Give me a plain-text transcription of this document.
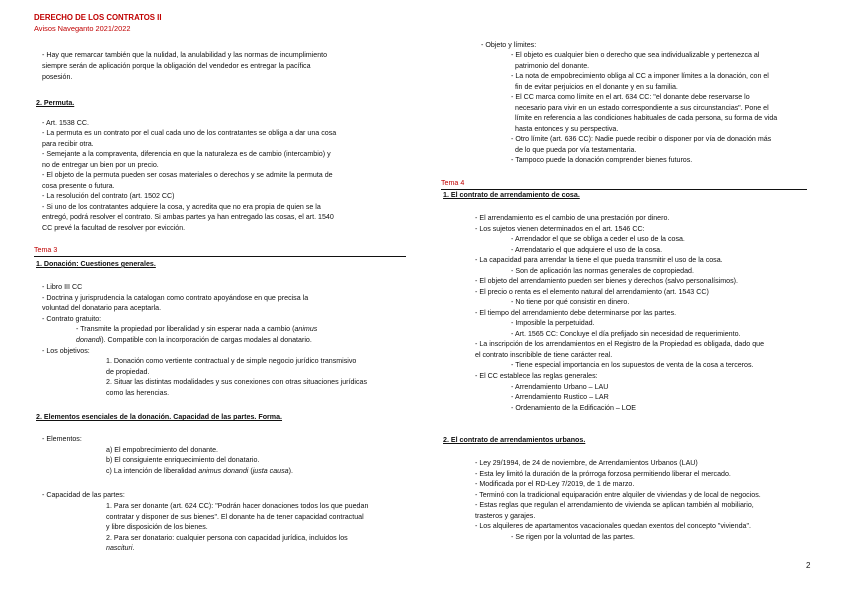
DERECHO DE LOS CONTRATOS II
Avisos Naveganto 2021/2022
- Hay que remarcar también que la nulidad, la anulabilidad y las normas de incumplimiento
siempre serán de aplicación porque la obligación del vendedor es entregar la pacífica
posesión.
2. Permuta.
- Art. 1538 CC.
- La permuta es un contrato por el cual cada uno de los contratantes se obliga a dar una cosa
para recibir otra.
- Semejante a la compraventa, diferencia en que la naturaleza es de cambio (intercambio) y
no de entregar un bien por un precio.
- El objeto de la permuta pueden ser cosas materiales o derechos y se admite la permuta de
cosa presente o futura.
- La resolución del contrato (art. 1502 CC)
- Si uno de los contratantes adquiere la cosa, y acredita que no era propia de quien se la
entregó, podrá resolver el contrato. Si ambas partes ya han entregado las cosas, el art. 1540
CC prevé la facultad de resolver por evicción.
Tema 3
1. Donación: Cuestiones generales.
- Libro III CC
- Doctrina y jurisprudencia la catalogan como contrato apoyándose en que precisa la
voluntad del donatario para aceptarla.
- Contrato gratuito:
- Transmite la propiedad por liberalidad y sin esperar nada a cambio (animus
donandi). Compatible con la incorporación de cargas modales al donatario.
- Los objetivos:
1. Donación como vertiente contractual y de simple negocio jurídico transmisivo
de propiedad.
2. Situar las distintas modalidades y sus conexiones con otras situaciones jurídicas
como las herencias.
2. Elementos esenciales de la donación. Capacidad de las partes. Forma.
- Elementos:
a) El empobrecimiento del donante.
b) El consiguiente enriquecimiento del donatario.
c) La intención de liberalidad animus donandi (justa causa).
- Capacidad de las partes:
1. Para ser donante (art. 624 CC): "Podrán hacer donaciones todos los que puedan
contratar y disponer de sus bienes". El donante ha de tener capacidad contractual
y libre disposición de los bienes.
2. Para ser donatario: cualquier persona con capacidad jurídica, incluidos los
nascituri.
- Objeto y límites:
- El objeto es cualquier bien o derecho que sea individualizable y pertenezca al
patrimonio del donante.
- La nota de empobrecimiento obliga al CC a imponer límites a la donación, con el
fin de evitar perjuicios en el donante y en su familia.
- El CC marca como límite en el art. 634 CC: "el donante debe reservarse lo
necesario para vivir en un estado correspondiente a sus circunstancias". Pone el
límite en referencia a las condiciones habituales de cada persona, su forma de vida
hasta entonces y su perspectiva.
- Otro límite (art. 636 CC): Nadie puede recibir o disponer por vía de donación más
de lo que pueda por vía testamentaria.
- Tampoco puede la donación comprender bienes futuros.
Tema 4
1. El contrato de arrendamiento de cosa.
- El arrendamiento es el cambio de una prestación por dinero.
- Los sujetos vienen determinados en el art. 1546 CC:
- Arrendador el que se obliga a ceder el uso de la cosa.
- Arrendatario el que adquiere el uso de la cosa.
- La capacidad para arrendar la tiene el que pueda transmitir el uso de la cosa.
- Son de aplicación las normas generales de copropiedad.
- El objeto del arrendamiento pueden ser bienes y derechos (salvo personalísimos).
- El precio o renta es el elemento natural del arrendamiento (art. 1543 CC)
- No tiene por qué consistir en dinero.
- El tiempo del arrendamiento debe determinarse por las partes.
- Imposible la perpetuidad.
- Art. 1565 CC: Concluye el día prefijado sin necesidad de requerimiento.
- La inscripción de los arrendamientos en el Registro de la Propiedad es obligada, dado que
el contrato inscribible de tiene carácter real.
- Tiene especial importancia en los supuestos de venta de la cosa a terceros.
- El CC establece las reglas generales:
- Arrendamiento Urbano – LAU
- Arrendamiento Rustico – LAR
- Ordenamiento de la Edificación – LOE
2. El contrato de arrendamientos urbanos.
- Ley 29/1994, de 24 de noviembre, de Arrendamientos Urbanos (LAU)
- Esta ley limitó la duración de la prórroga forzosa permitiendo liberar el mercado.
- Modificada por el RD-Ley 7/2019, de 1 de marzo.
- Terminó con la tradicional equiparación entre alquiler de viviendas y de local de negocios.
- Estas reglas que regulan el arrendamiento de vivienda se aplican también al mobiliario,
trasteros y garajes.
- Los alquileres de apartamentos vacacionales quedan exentos del concepto "vivienda".
- Se rigen por la voluntad de las partes.
2
